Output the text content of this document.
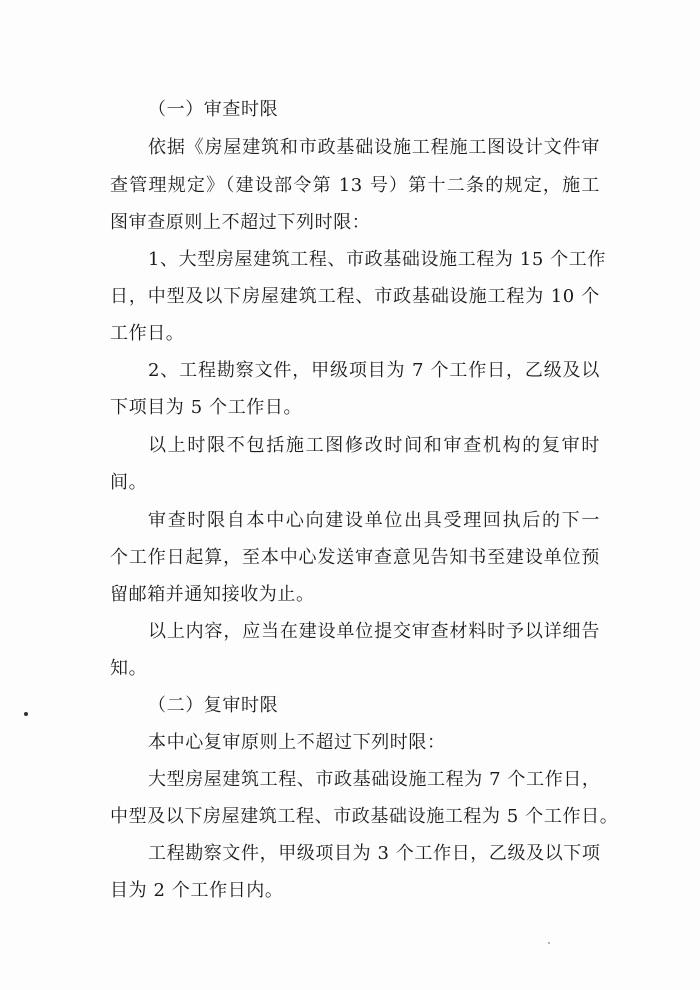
（一）审查时限
依据《房屋建筑和市政基础设施工程施工图设计文件审
查管理规定》（建设部令第 13 号）第十二条的规定，施工
图审查原则上不超过下列时限：
1、大型房屋建筑工程、市政基础设施工程为 15 个工作
日，中型及以下房屋建筑工程、市政基础设施工程为 10 个
工作日。
2、工程勘察文件，甲级项目为 7 个工作日，乙级及以
下项目为 5 个工作日。
以上时限不包括施工图修改时间和审查机构的复审时
间。
审查时限自本中心向建设单位出具受理回执后的下一
个工作日起算，至本中心发送审查意见告知书至建设单位预
留邮箱并通知接收为止。
以上内容，应当在建设单位提交审查材料时予以详细告
知。
（二）复审时限
本中心复审原则上不超过下列时限：
大型房屋建筑工程、市政基础设施工程为 7 个工作日，
中型及以下房屋建筑工程、市政基础设施工程为 5 个工作日。
工程勘察文件，甲级项目为 3 个工作日，乙级及以下项
目为 2 个工作日内。
